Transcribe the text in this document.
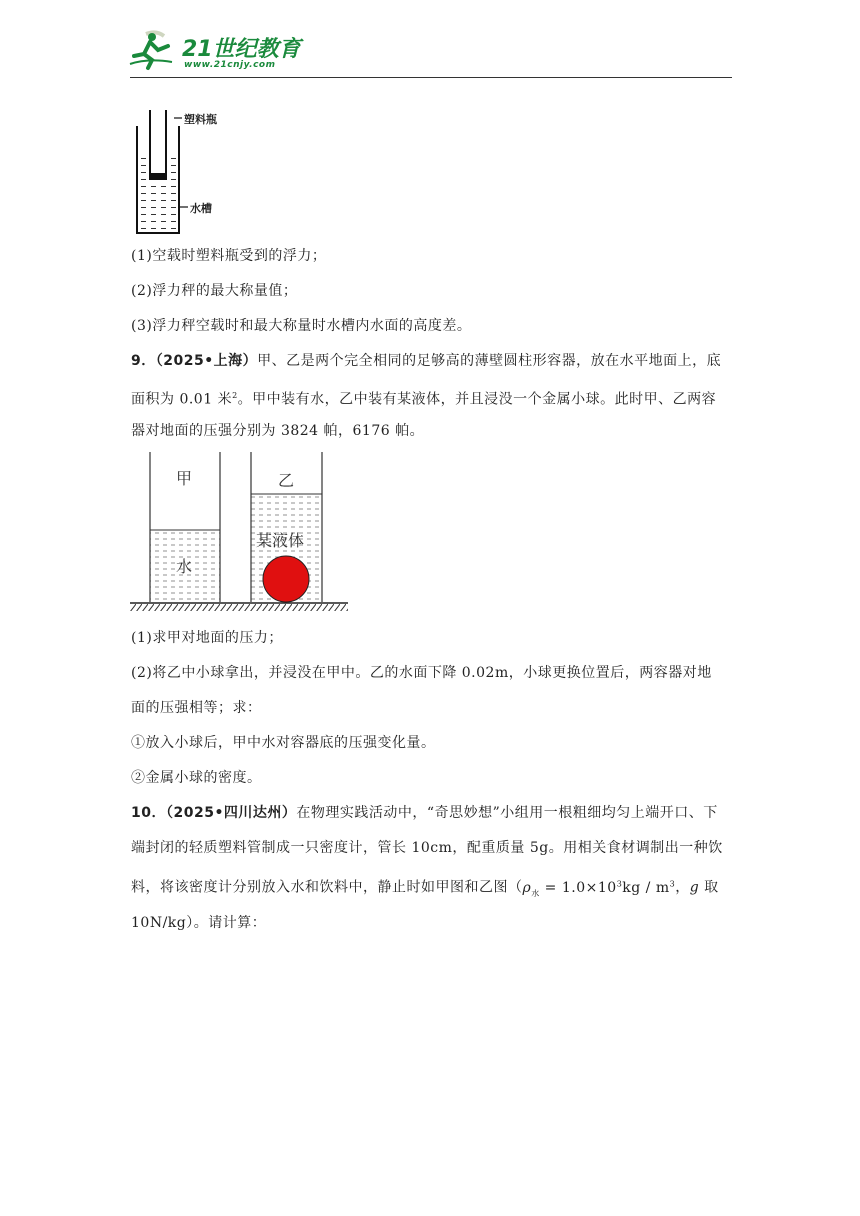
21世纪教育
www.21cnjy.com
塑料瓶
水槽
(1)空载时塑料瓶受到的浮力；
(2)浮力秤的最大称量值；
(3)浮力秤空载时和最大称量时水槽内水面的高度差。
9．（2025•上海）甲、乙是两个完全相同的足够高的薄壁圆柱形容器，放在水平地面上，底
面积为 0.01 米$^2$。甲中装有水，乙中装有某液体，并且浸没一个金属小球。此时甲、乙两容
器对地面的压强分别为 3824 帕，6176 帕。
甲	乙
水
某液体
(1)求甲对地面的压力；
(2)将乙中小球拿出，并浸没在甲中。乙的水面下降 0.02m，小球更换位置后，两容器对地
面的压强相等；求：
①放入小球后，甲中水对容器底的压强变化量。
②金属小球的密度。
10．（2025•四川达州）在物理实践活动中，“奇思妙想”小组用一根粗细均匀上端开口、下
端封闭的轻质塑料管制成一只密度计，管长 10cm，配重质量 5g。用相关食材调制出一种饮
料，将该密度计分别放入水和饮料中，静止时如甲图和乙图（$\rho_水 = 1.0\times 10^3kg / m^3$，g 取
10N/kg）。请计算：
